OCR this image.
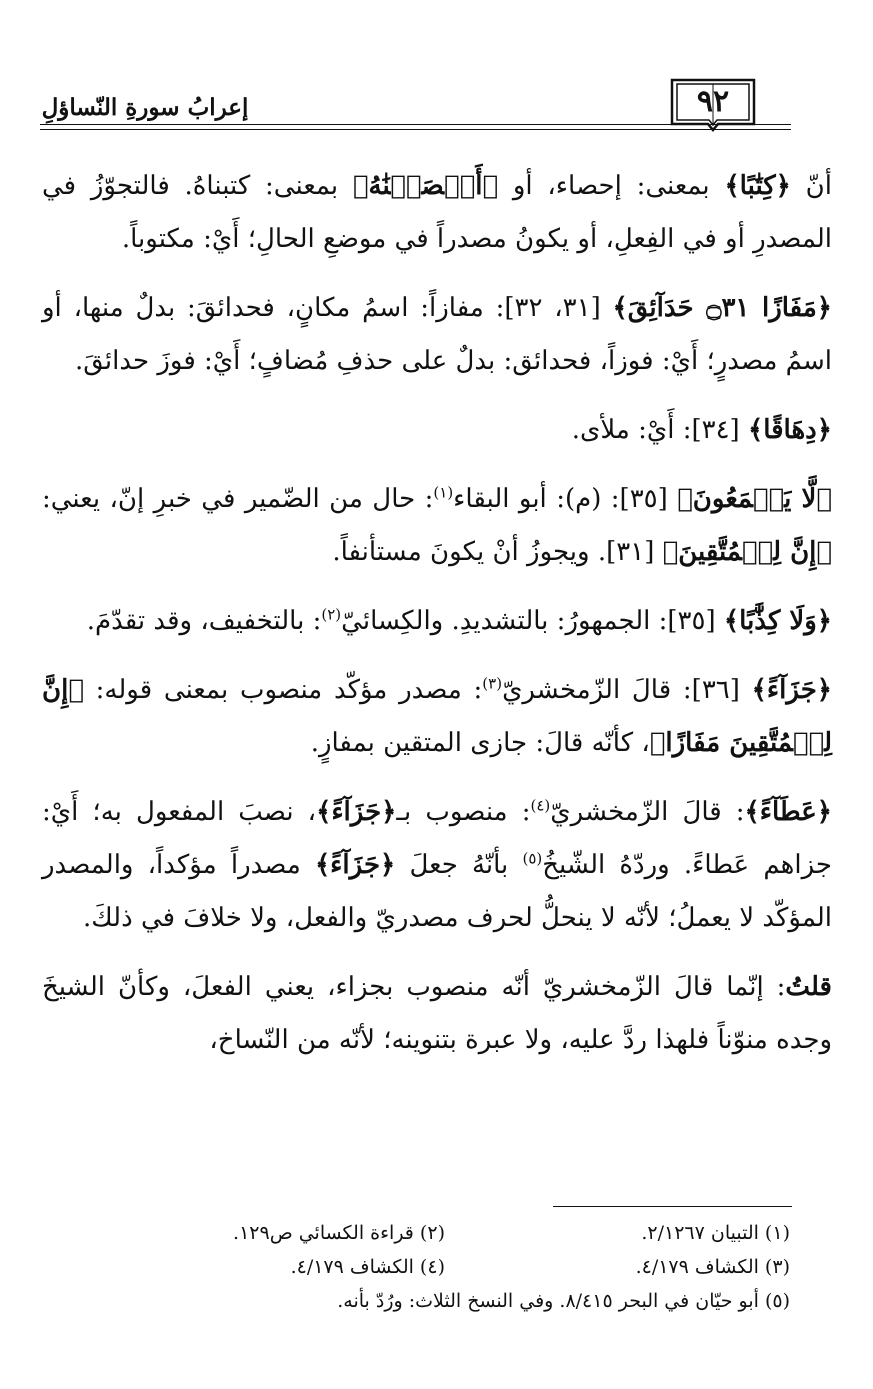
٩٢
إعرابُ سورةِ النّساؤلِ

أنّ ﴿كِتَٰبًا﴾ بمعنى: إحصاء، أو ﴿أَحۡصَيۡنَٰهُ﴾ بمعنى: كتبناهُ. فالتجوّزُ في المصدرِ أو في الفِعلِ، أو يكونُ مصدراً في موضعِ الحالِ؛ أَيْ: مكتوباً.

﴿مَفَازًا ۝٣١ حَدَآئِقَ﴾ [٣١، ٣٢]: مفازاً: اسمُ مكانٍ، فحدائقَ: بدلٌ منها، أو اسمُ مصدرٍ؛ أَيْ: فوزاً، فحدائق: بدلٌ على حذفِ مُضافٍ؛ أَيْ: فوزَ حدائقَ.

﴿دِهَاقًا﴾ [٣٤]: أَيْ: ملأى.

﴿لَّا يَسۡمَعُونَ﴾ [٣٥]: (م): أبو البقاء$^{(١)}$: حال من الضّمير في خبرِ إنّ، يعني: ﴿إِنَّ لِلۡمُتَّقِينَ﴾ [٣١]. ويجوزُ أنْ يكونَ مستأنفاً.

﴿وَلَا كِذَّٰبًا﴾ [٣٥]: الجمهورُ: بالتشديدِ. والكِسائيّ$^{(٢)}$: بالتخفيف، وقد تقدّمَ.

﴿جَزَآءً﴾ [٣٦]: قالَ الزّمخشريّ$^{(٣)}$: مصدر مؤكّد منصوب بمعنى قوله: ﴿إِنَّ لِلۡمُتَّقِينَ مَفَازًا﴾، كأنّه قالَ: جازى المتقين بمفازٍ.

﴿عَطَآءً﴾: قالَ الزّمخشريّ$^{(٤)}$: منصوب بـ﴿جَزَآءً﴾، نصبَ المفعول به؛ أَيْ: جزاهم عَطاءً. وردّهُ الشّيخُ$^{(٥)}$ بأنّهُ جعلَ ﴿جَزَآءً﴾ مصدراً مؤكداً، والمصدر المؤكّد لا يعملُ؛ لأنّه لا ينحلُّ لحرف مصدريّ والفعل، ولا خلافَ في ذلكَ.

قلتُ: إنّما قالَ الزّمخشريّ أنّه منصوب بجزاء، يعني الفعلَ، وكأنّ الشيخَ وجده منوّناً فلهذا ردَّ عليه، ولا عبرة بتنوينه؛ لأنّه من النّساخ،

(١) التبيان ٢/١٢٦٧.
(٢) قراءة الكسائي ص١٢٩.
(٣) الكشاف ٤/١٧٩.
(٤) الكشاف ٤/١٧٩.
(٥) أبو حيّان في البحر ٨/٤١٥. وفي النسخ الثلاث: ورُدّ بأنه.
